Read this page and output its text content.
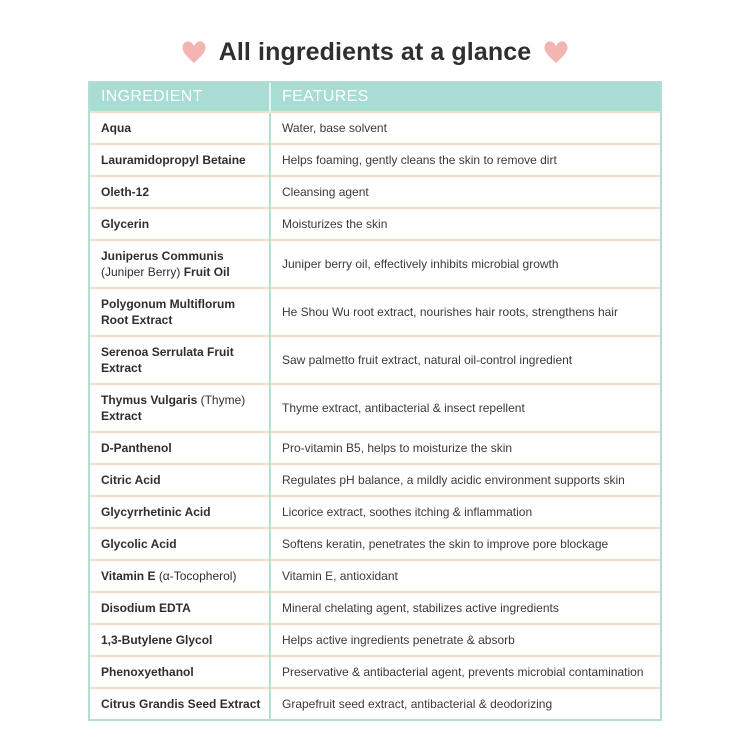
All ingredients at a glance
INGREDIENT	FEATURES
Aqua	Water, base solvent
Lauramidopropyl Betaine	Helps foaming, gently cleans the skin to remove dirt
Oleth-12	Cleansing agent
Glycerin	Moisturizes the skin
Juniperus Communis
(Juniper Berry) Fruit Oil	Juniper berry oil, effectively inhibits microbial growth
Polygonum Multiflorum
Root Extract	He Shou Wu root extract, nourishes hair roots, strengthens hair
Serenoa Serrulata Fruit
Extract	Saw palmetto fruit extract, natural oil-control ingredient
Thymus Vulgaris (Thyme)
Extract	Thyme extract, antibacterial & insect repellent
D-Panthenol	Pro-vitamin B5, helps to moisturize the skin
Citric Acid	Regulates pH balance, a mildly acidic environment supports skin
Glycyrrhetinic Acid	Licorice extract, soothes itching & inflammation
Glycolic Acid	Softens keratin, penetrates the skin to improve pore blockage
Vitamin E (α-Tocopherol)	Vitamin E, antioxidant
Disodium EDTA	Mineral chelating agent, stabilizes active ingredients
1,3-Butylene Glycol	Helps active ingredients penetrate & absorb
Phenoxyethanol	Preservative & antibacterial agent, prevents microbial contamination
Citrus Grandis Seed Extract	Grapefruit seed extract, antibacterial & deodorizing
